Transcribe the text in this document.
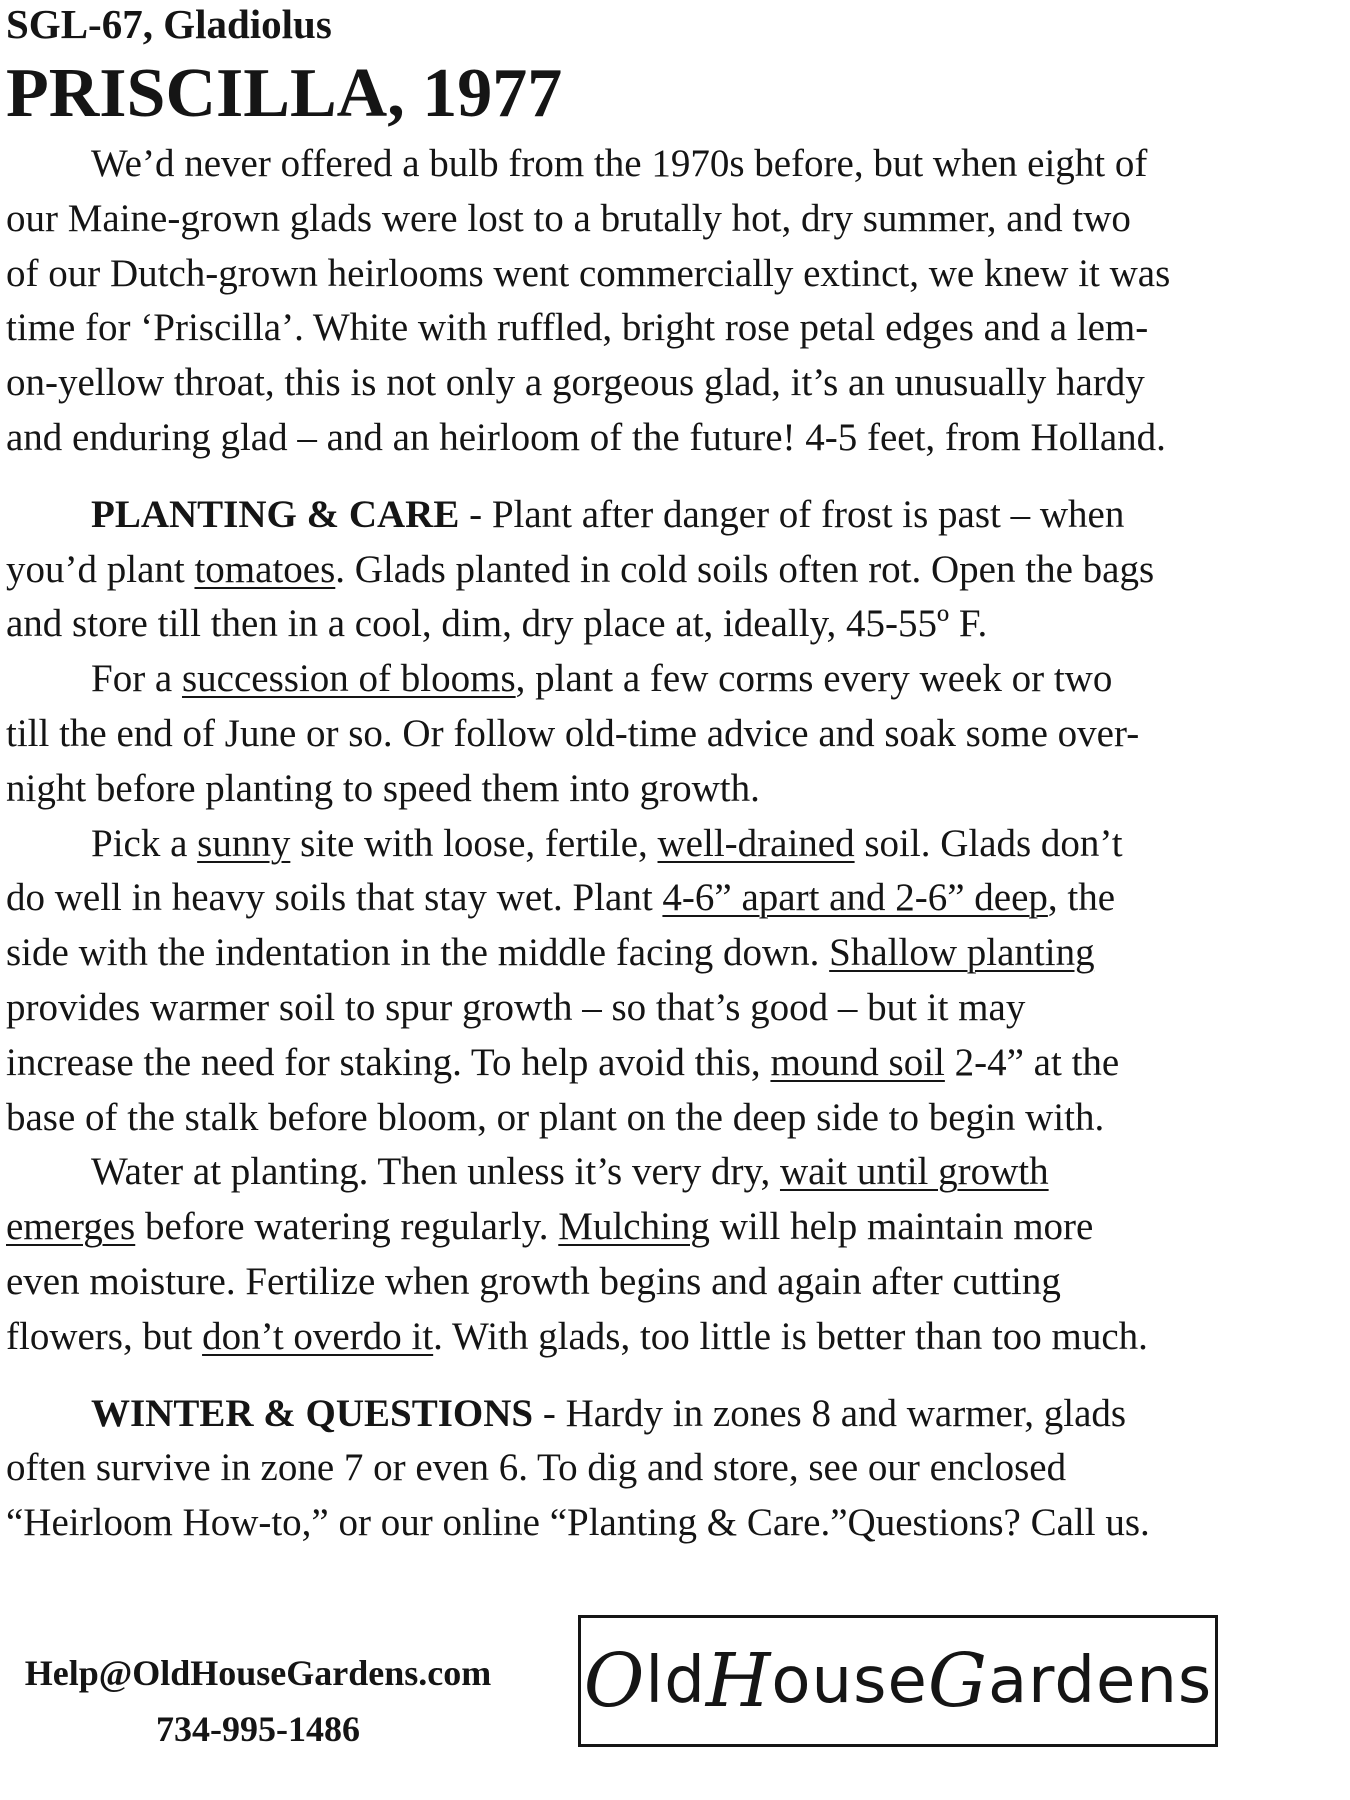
SGL-67, Gladiolus
PRISCILLA, 1977
We’d never offered a bulb from the 1970s before, but when eight of
our Maine-grown glads were lost to a brutally hot, dry summer, and two
of our Dutch-grown heirlooms went commercially extinct, we knew it was
time for ‘Priscilla’. White with ruffled, bright rose petal edges and a lem-
on-yellow throat, this is not only a gorgeous glad, it’s an unusually hardy
and enduring glad – and an heirloom of the future! 4-5 feet, from Holland.
PLANTING & CARE - Plant after danger of frost is past – when
you’d plant tomatoes. Glads planted in cold soils often rot. Open the bags
and store till then in a cool, dim, dry place at, ideally, 45-55º F.
For a succession of blooms, plant a few corms every week or two
till the end of June or so. Or follow old-time advice and soak some over-
night before planting to speed them into growth.
Pick a sunny site with loose, fertile, well-drained soil. Glads don’t
do well in heavy soils that stay wet. Plant 4-6” apart and 2-6” deep, the
side with the indentation in the middle facing down. Shallow planting
provides warmer soil to spur growth – so that’s good – but it may
increase the need for staking. To help avoid this, mound soil 2-4” at the
base of the stalk before bloom, or plant on the deep side to begin with.
Water at planting. Then unless it’s very dry, wait until growth
emerges before watering regularly. Mulching will help maintain more
even moisture. Fertilize when growth begins and again after cutting
flowers, but don’t overdo it. With glads, too little is better than too much.
WINTER & QUESTIONS - Hardy in zones 8 and warmer, glads
often survive in zone 7 or even 6. To dig and store, see our enclosed
“Heirloom How-to,” or our online “Planting & Care.”Questions? Call us.
Help@OldHouseGardens.com
734-995-1486
O ld H ouse G ardens
